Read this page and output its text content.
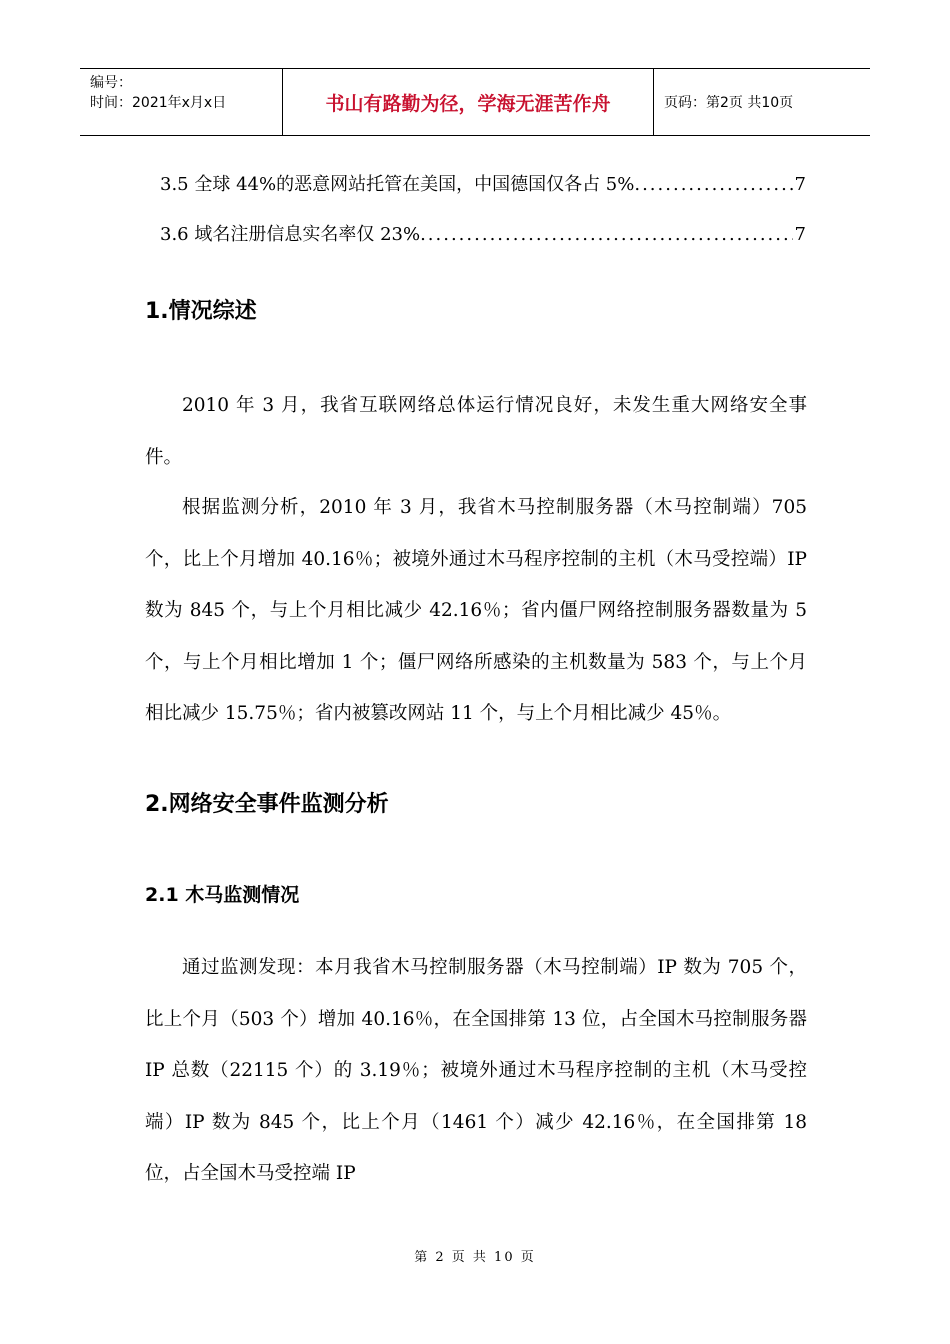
编号：
时间：2021年x月x日	书山有路勤为径，学海无涯苦作舟	页码：第2页 共10页
3.5 全球 44%的恶意网站托管在美国，中国德国仅各占 5% .....	7
3.6 域名注册信息实名率仅 23% .....	7
1.情况综述

2010 年 3 月，我省互联网络总体运行情况良好，未发生重大网络安全事件。

根据监测分析，2010 年 3 月，我省木马控制服务器（木马控制端）705 个，比上个月增加 40.16％；被境外通过木马程序控制的主机（木马受控端）IP 数为 845 个，与上个月相比减少 42.16％；省内僵尸网络控制服务器数量为 5 个，与上个月相比增加 1 个；僵尸网络所感染的主机数量为 583 个，与上个月相比减少 15.75％；省内被篡改网站 11 个，与上个月相比减少 45％。

2.网络安全事件监测分析
2.1 木马监测情况

通过监测发现：本月我省木马控制服务器（木马控制端）IP 数为 705 个，比上个月（503 个）增加 40.16％，在全国排第 13 位，占全国木马控制服务器 IP 总数（22115 个）的 3.19％；被境外通过木马程序控制的主机（木马受控端）IP 数为 845 个，比上个月（1461 个）减少 42.16％，在全国排第 18 位，占全国木马受控端 IP

第 2 页 共 10 页
